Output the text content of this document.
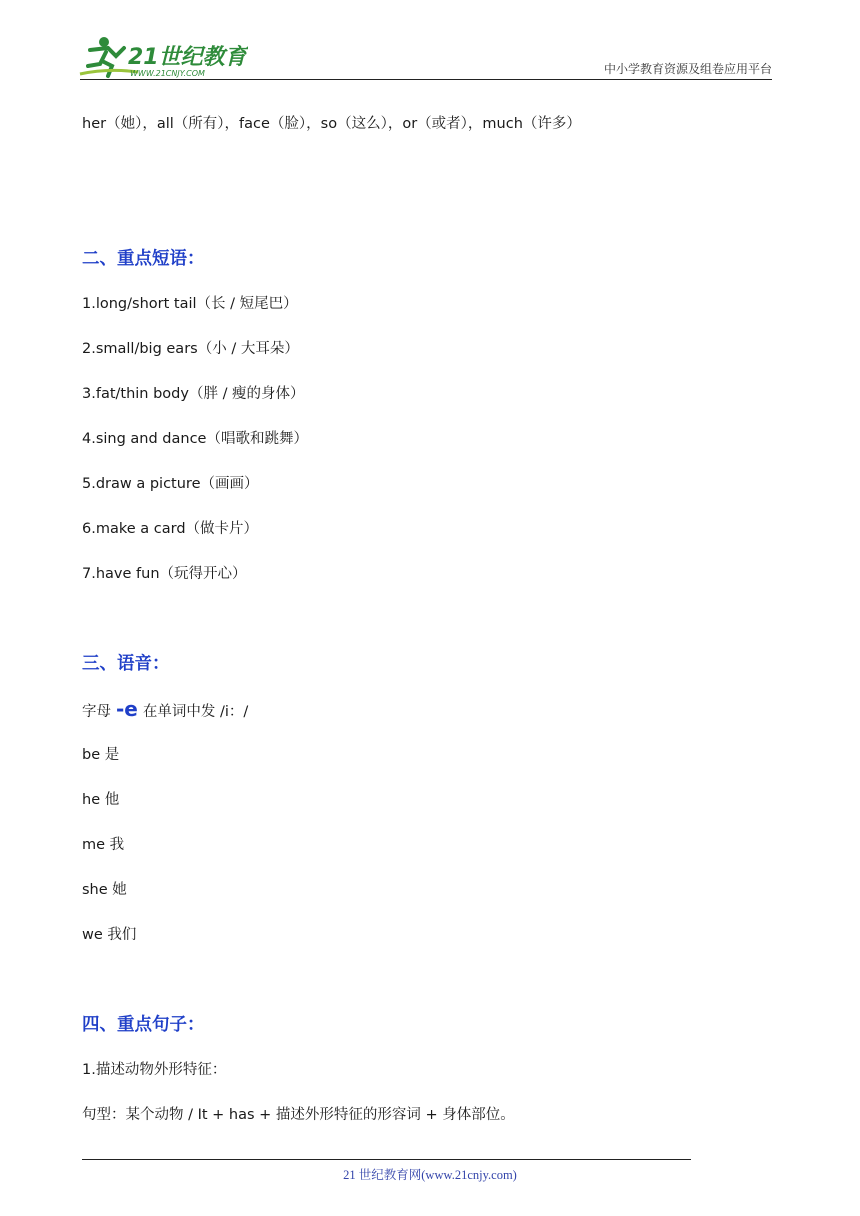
21世纪教育
WWW.21CNJY.COM	中小学教育资源及组卷应用平台
her（她），all（所有），face（脸），so（这么），or（或者），much（许多）
二、重点短语：
1.long/short tail（长 / 短尾巴）
2.small/big ears（小 / 大耳朵）
3.fat/thin body（胖 / 瘦的身体）
4.sing and dance（唱歌和跳舞）
5.draw a picture（画画）
6.make a card（做卡片）
7.have fun（玩得开心）
三、语音：
字母 -e 在单词中发 /i：/
be 是
he 他
me 我
she 她
we 我们
四、重点句子：
1.描述动物外形特征：
句型：某个动物 / It + has + 描述外形特征的形容词 + 身体部位。
21 世纪教育网(www.21cnjy.com)
